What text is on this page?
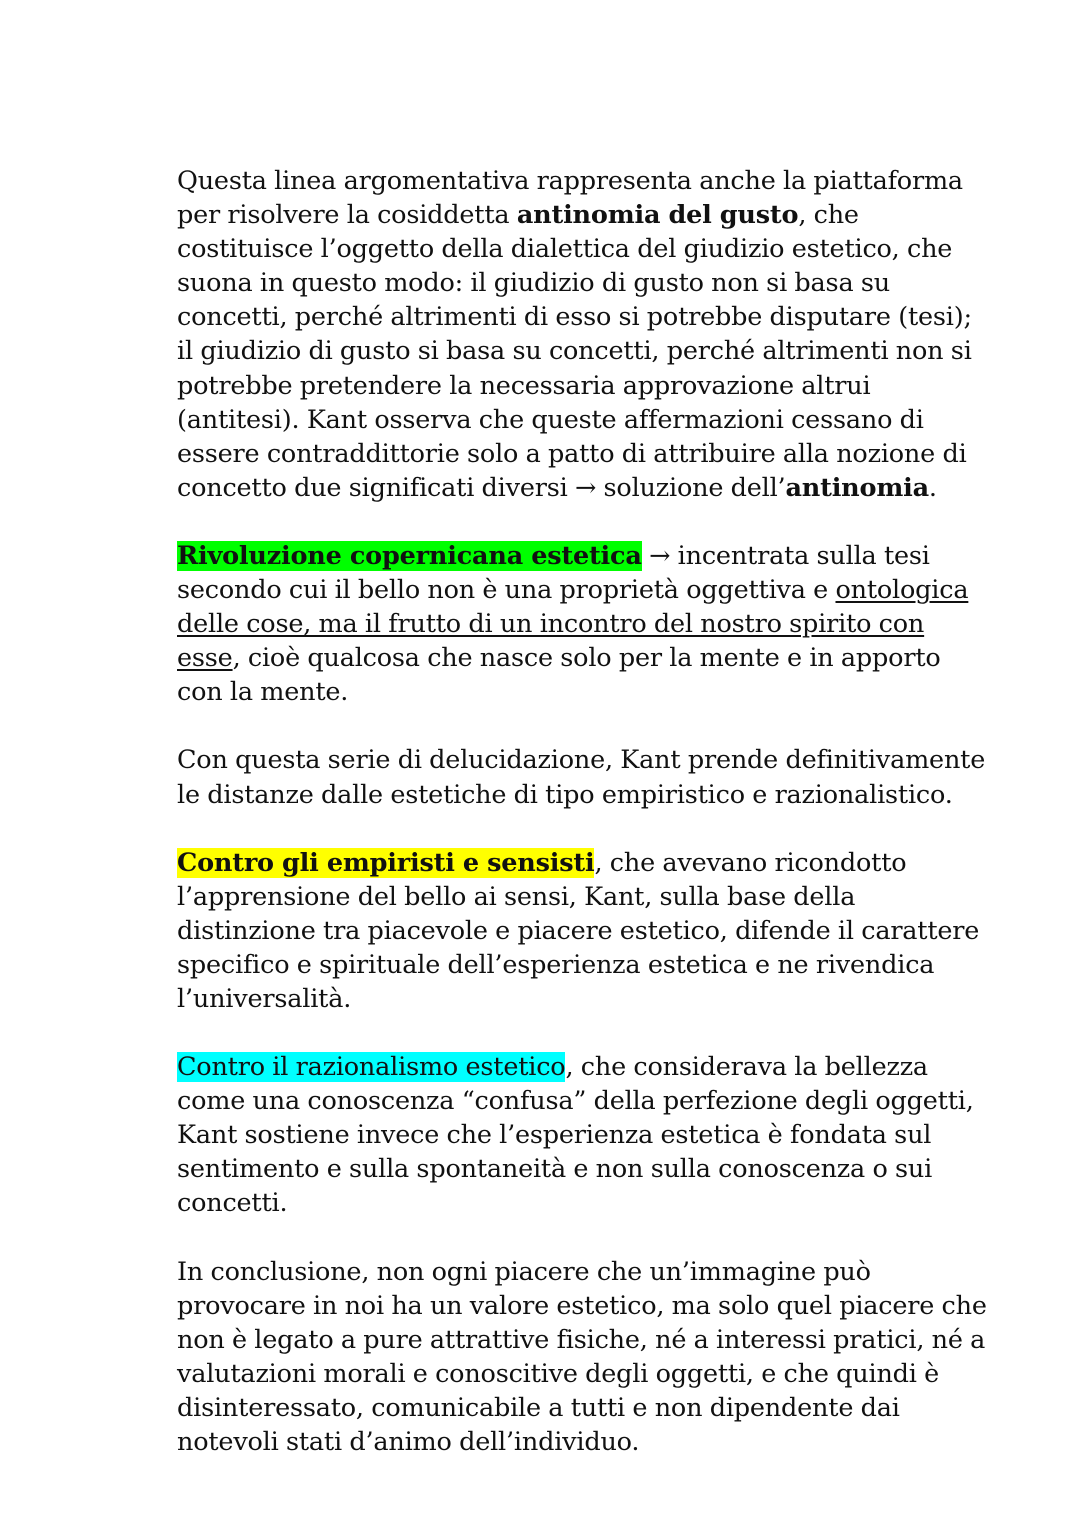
Questa linea argomentativa rappresenta anche la piattaforma per risolvere la cosiddetta antinomia del gusto, che costituisce l’oggetto della dialettica del giudizio estetico, che suona in questo modo: il giudizio di gusto non si basa su concetti, perché altrimenti di esso si potrebbe disputare (tesi); il giudizio di gusto si basa su concetti, perché altrimenti non si potrebbe pretendere la necessaria approvazione altrui (antitesi). Kant osserva che queste affermazioni cessano di essere contraddittorie solo a patto di attribuire alla nozione di concetto due significati diversi → soluzione dell’antinomia.

Rivoluzione copernicana estetica → incentrata sulla tesi secondo cui il bello non è una proprietà oggettiva e ontologica delle cose, ma il frutto di un incontro del nostro spirito con esse, cioè qualcosa che nasce solo per la mente e in apporto con la mente.

Con questa serie di delucidazione, Kant prende definitivamente le distanze dalle estetiche di tipo empiristico e razionalistico.

Contro gli empiristi e sensisti, che avevano ricondotto l’apprensione del bello ai sensi, Kant, sulla base della distinzione tra piacevole e piacere estetico, difende il carattere specifico e spirituale dell’esperienza estetica e ne rivendica l’universalità.

Contro il razionalismo estetico, che considerava la bellezza come una conoscenza “confusa” della perfezione degli oggetti, Kant sostiene invece che l’esperienza estetica è fondata sul sentimento e sulla spontaneità e non sulla conoscenza o sui concetti.

In conclusione, non ogni piacere che un’immagine può provocare in noi ha un valore estetico, ma solo quel piacere che non è legato a pure attrattive fisiche, né a interessi pratici, né a valutazioni morali e conoscitive degli oggetti, e che quindi è disinteressato, comunicabile a tutti e non dipendente dai notevoli stati d’animo dell’individuo.
